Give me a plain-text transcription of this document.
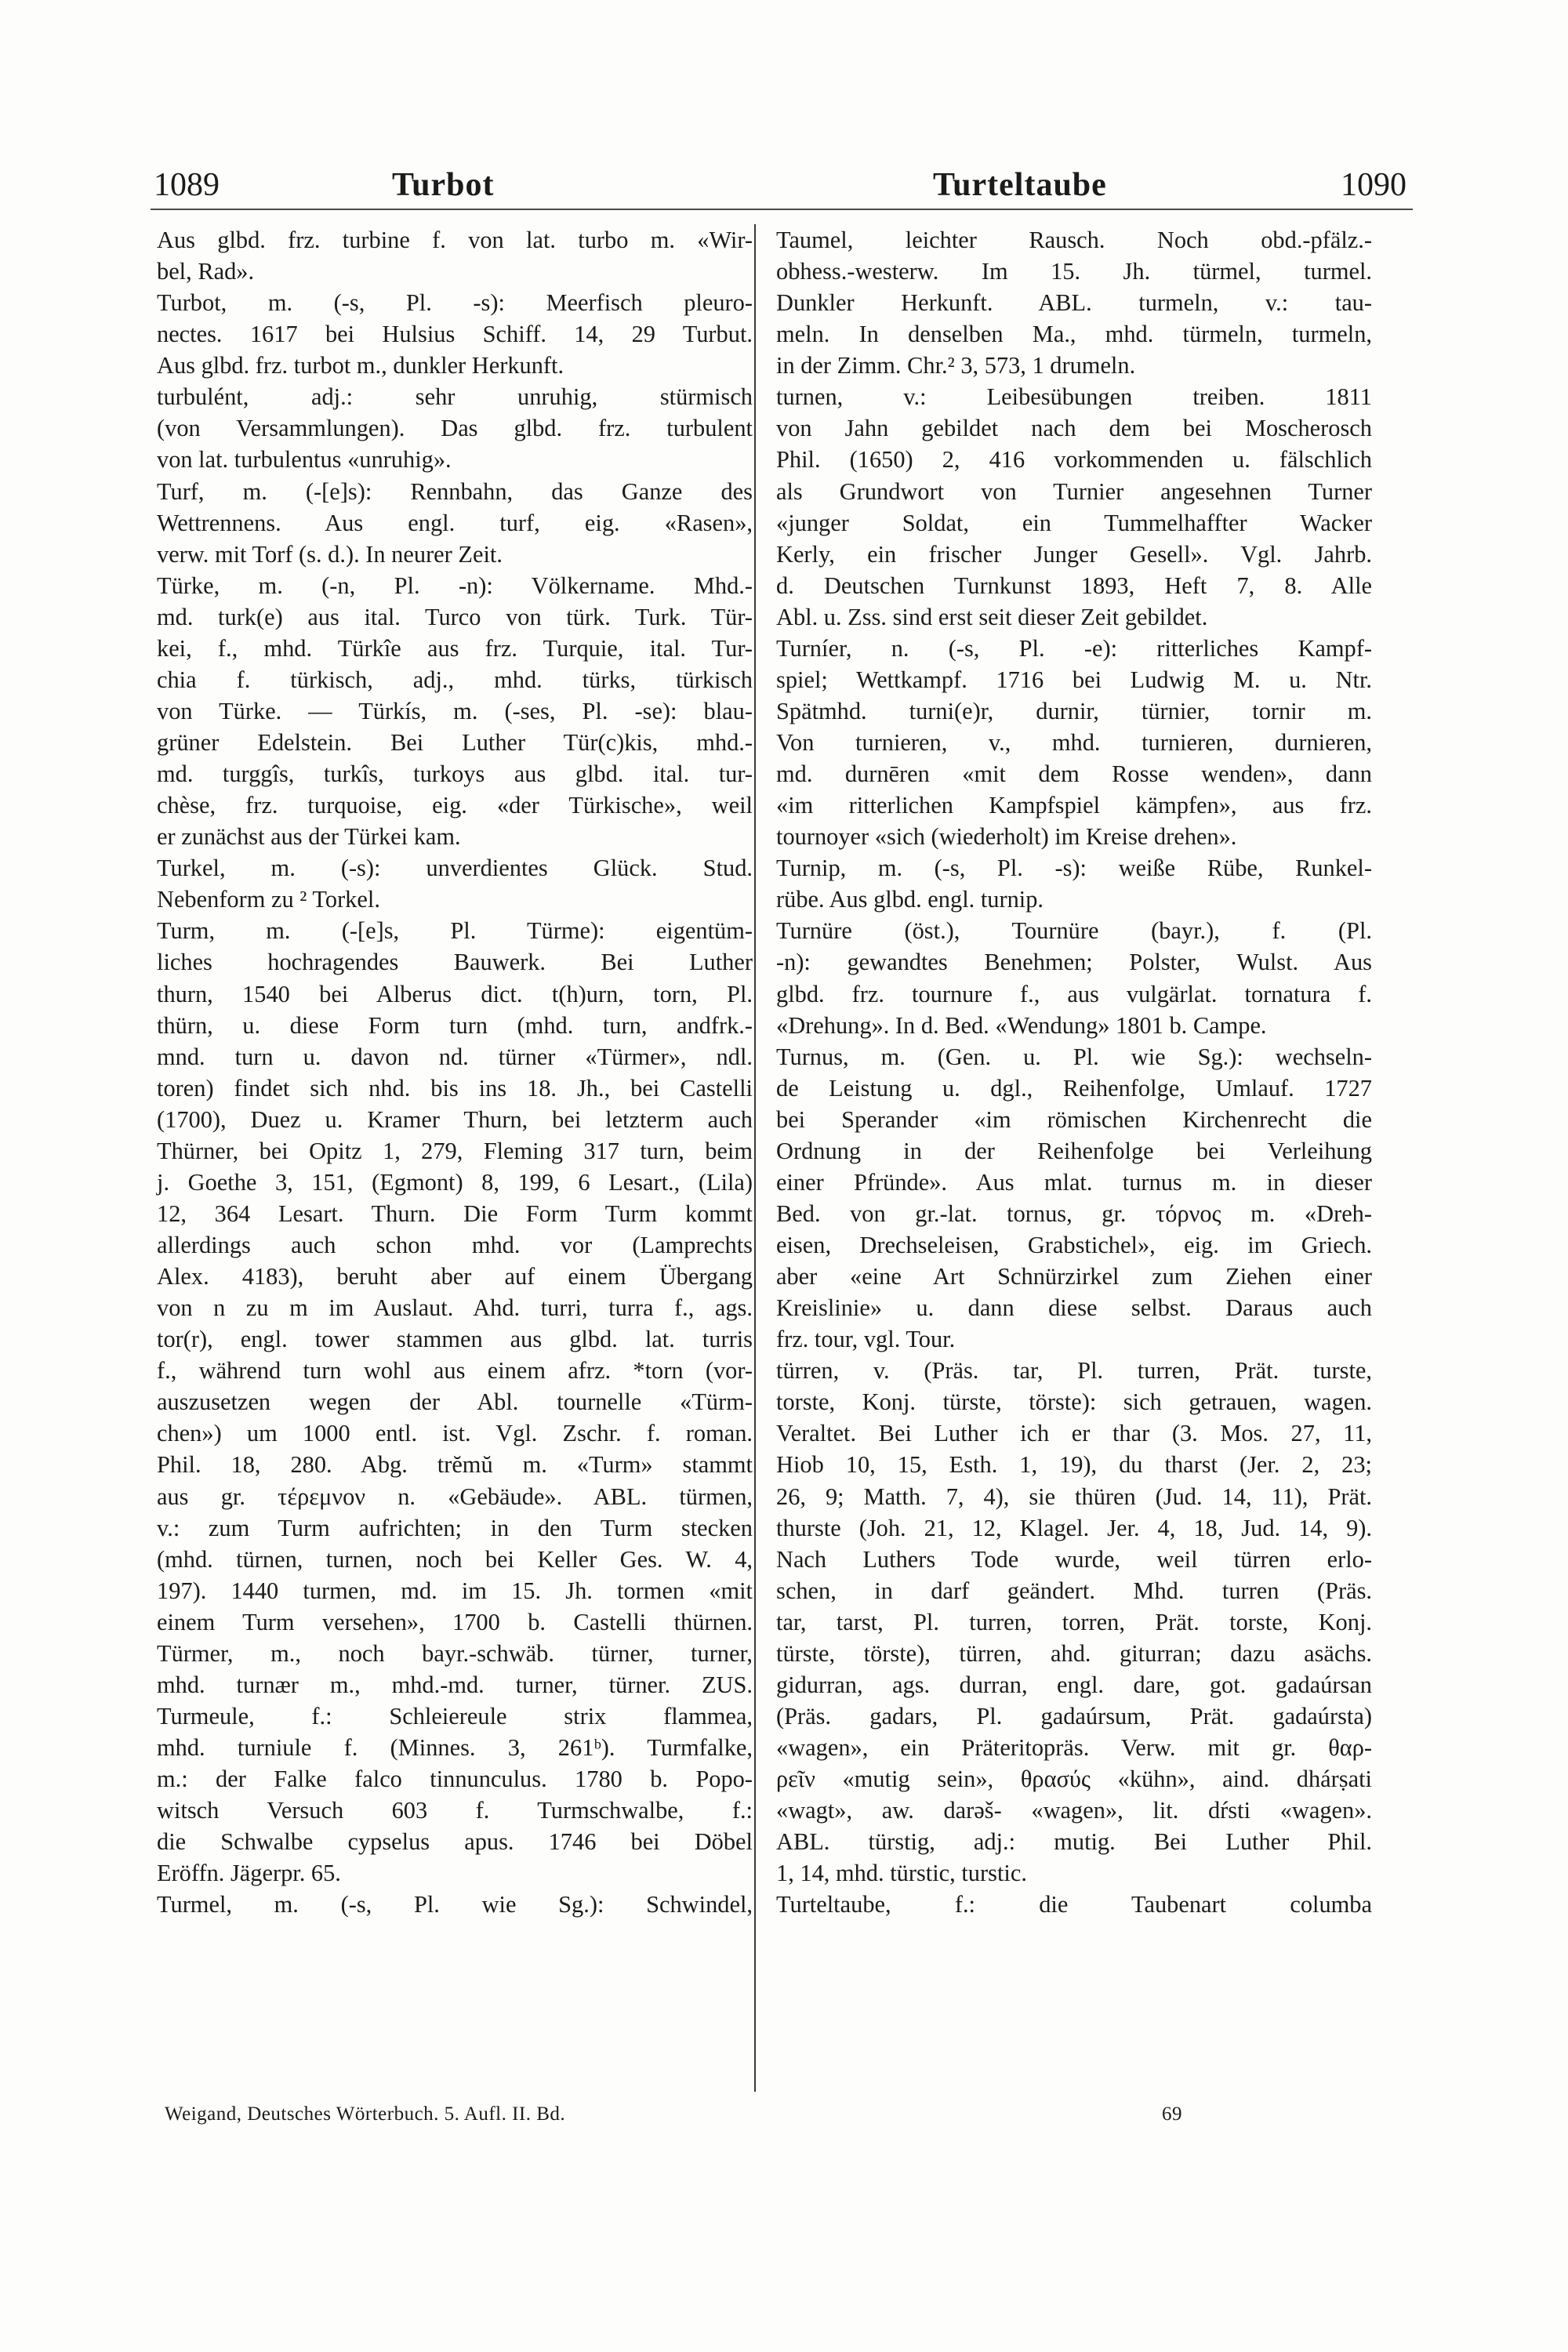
1089	Turbot	Turteltaube	1090
Aus glbd. frz. turbine f. von lat. turbo m. «Wir-
bel, Rad».
Turbot, m. (-s, Pl. -s): Meerfisch pleuro-
nectes. 1617 bei Hulsius Schiff. 14, 29 Turbut.
Aus glbd. frz. turbot m., dunkler Herkunft.
turbulént, adj.: sehr unruhig, stürmisch
(von Versammlungen). Das glbd. frz. turbulent
von lat. turbulentus «unruhig».
Turf, m. (-[e]s): Rennbahn, das Ganze des
Wettrennens. Aus engl. turf, eig. «Rasen»,
verw. mit Torf (s. d.). In neurer Zeit.
Türke, m. (-n, Pl. -n): Völkername. Mhd.-
md. turk(e) aus ital. Turco von türk. Turk. Tür-
kei, f., mhd. Türkîe aus frz. Turquie, ital. Tur-
chia f. türkisch, adj., mhd. türks, türkisch
von Türke. — Türkís, m. (-ses, Pl. -se): blau-
grüner Edelstein. Bei Luther Tür(c)kis, mhd.-
md. turggîs, turkîs, turkoys aus glbd. ital. tur-
chèse, frz. turquoise, eig. «der Türkische», weil
er zunächst aus der Türkei kam.
Turkel, m. (-s): unverdientes Glück. Stud.
Nebenform zu ² Torkel.
Turm, m. (-[e]s, Pl. Türme): eigentüm-
liches hochragendes Bauwerk. Bei Luther
thurn, 1540 bei Alberus dict. t(h)urn, torn, Pl.
thürn, u. diese Form turn (mhd. turn, andfrk.-
mnd. turn u. davon nd. türner «Türmer», ndl.
toren) findet sich nhd. bis ins 18. Jh., bei Castelli
(1700), Duez u. Kramer Thurn, bei letzterm auch
Thürner, bei Opitz 1, 279, Fleming 317 turn, beim
j. Goethe 3, 151, (Egmont) 8, 199, 6 Lesart., (Lila)
12, 364 Lesart. Thurn. Die Form Turm kommt
allerdings auch schon mhd. vor (Lamprechts
Alex. 4183), beruht aber auf einem Übergang
von n zu m im Auslaut. Ahd. turri, turra f., ags.
tor(r), engl. tower stammen aus glbd. lat. turris
f., während turn wohl aus einem afrz. *torn (vor-
auszusetzen wegen der Abl. tournelle «Türm-
chen») um 1000 entl. ist. Vgl. Zschr. f. roman.
Phil. 18, 280. Abg. trĕmŭ m. «Turm» stammt
aus gr. τέρεμνον n. «Gebäude». ABL. türmen,
v.: zum Turm aufrichten; in den Turm stecken
(mhd. türnen, turnen, noch bei Keller Ges. W. 4,
197). 1440 turmen, md. im 15. Jh. tormen «mit
einem Turm versehen», 1700 b. Castelli thürnen.
Türmer, m., noch bayr.-schwäb. türner, turner,
mhd. turnær m., mhd.-md. turner, türner. ZUS.
Turmeule, f.: Schleiereule strix flammea,
mhd. turniule f. (Minnes. 3, 261ᵇ). Turmfalke,
m.: der Falke falco tinnunculus. 1780 b. Popo-
witsch Versuch 603 f. Turmschwalbe, f.:
die Schwalbe cypselus apus. 1746 bei Döbel
Eröffn. Jägerpr. 65.
Turmel, m. (-s, Pl. wie Sg.): Schwindel,
Taumel, leichter Rausch. Noch obd.-pfälz.-
obhess.-westerw. Im 15. Jh. türmel, turmel.
Dunkler Herkunft. ABL. turmeln, v.: tau-
meln. In denselben Ma., mhd. türmeln, turmeln,
in der Zimm. Chr.² 3, 573, 1 drumeln.
turnen, v.: Leibesübungen treiben. 1811
von Jahn gebildet nach dem bei Moscherosch
Phil. (1650) 2, 416 vorkommenden u. fälschlich
als Grundwort von Turnier angesehnen Turner
«junger Soldat, ein Tummelhaffter Wacker
Kerly, ein frischer Junger Gesell». Vgl. Jahrb.
d. Deutschen Turnkunst 1893, Heft 7, 8. Alle
Abl. u. Zss. sind erst seit dieser Zeit gebildet.
Turníer, n. (-s, Pl. -e): ritterliches Kampf-
spiel; Wettkampf. 1716 bei Ludwig M. u. Ntr.
Spätmhd. turni(e)r, durnir, türnier, tornir m.
Von turnieren, v., mhd. turnieren, durnieren,
md. durnēren «mit dem Rosse wenden», dann
«im ritterlichen Kampfspiel kämpfen», aus frz.
tournoyer «sich (wiederholt) im Kreise drehen».
Turnip, m. (-s, Pl. -s): weiße Rübe, Runkel-
rübe. Aus glbd. engl. turnip.
Turnüre (öst.), Tournüre (bayr.), f. (Pl.
-n): gewandtes Benehmen; Polster, Wulst. Aus
glbd. frz. tournure f., aus vulgärlat. tornatura f.
«Drehung». In d. Bed. «Wendung» 1801 b. Campe.
Turnus, m. (Gen. u. Pl. wie Sg.): wechseln-
de Leistung u. dgl., Reihenfolge, Umlauf. 1727
bei Sperander «im römischen Kirchenrecht die
Ordnung in der Reihenfolge bei Verleihung
einer Pfründe». Aus mlat. turnus m. in dieser
Bed. von gr.-lat. tornus, gr. τόρνος m. «Dreh-
eisen, Drechseleisen, Grabstichel», eig. im Griech.
aber «eine Art Schnürzirkel zum Ziehen einer
Kreislinie» u. dann diese selbst. Daraus auch
frz. tour, vgl. Tour.
türren, v. (Präs. tar, Pl. turren, Prät. turste,
torste, Konj. türste, törste): sich getrauen, wagen.
Veraltet. Bei Luther ich er thar (3. Mos. 27, 11,
Hiob 10, 15, Esth. 1, 19), du tharst (Jer. 2, 23;
26, 9; Matth. 7, 4), sie thüren (Jud. 14, 11), Prät.
thurste (Joh. 21, 12, Klagel. Jer. 4, 18, Jud. 14, 9).
Nach Luthers Tode wurde, weil türren erlo-
schen, in darf geändert. Mhd. turren (Präs.
tar, tarst, Pl. turren, torren, Prät. torste, Konj.
türste, törste), türren, ahd. giturran; dazu asächs.
gidurran, ags. durran, engl. dare, got. gadaúrsan
(Präs. gadars, Pl. gadaúrsum, Prät. gadaúrsta)
«wagen», ein Präteritopräs. Verw. mit gr. θαρ-
ρεῖν «mutig sein», θρασύς «kühn», aind. dhárṣati
«wagt», aw. darəš- «wagen», lit. dŕsti «wagen».
ABL. türstig, adj.: mutig. Bei Luther Phil.
1, 14, mhd. türstic, turstic.
Turteltaube, f.: die Taubenart columba
Weigand, Deutsches Wörterbuch. 5. Aufl. II. Bd.	69
